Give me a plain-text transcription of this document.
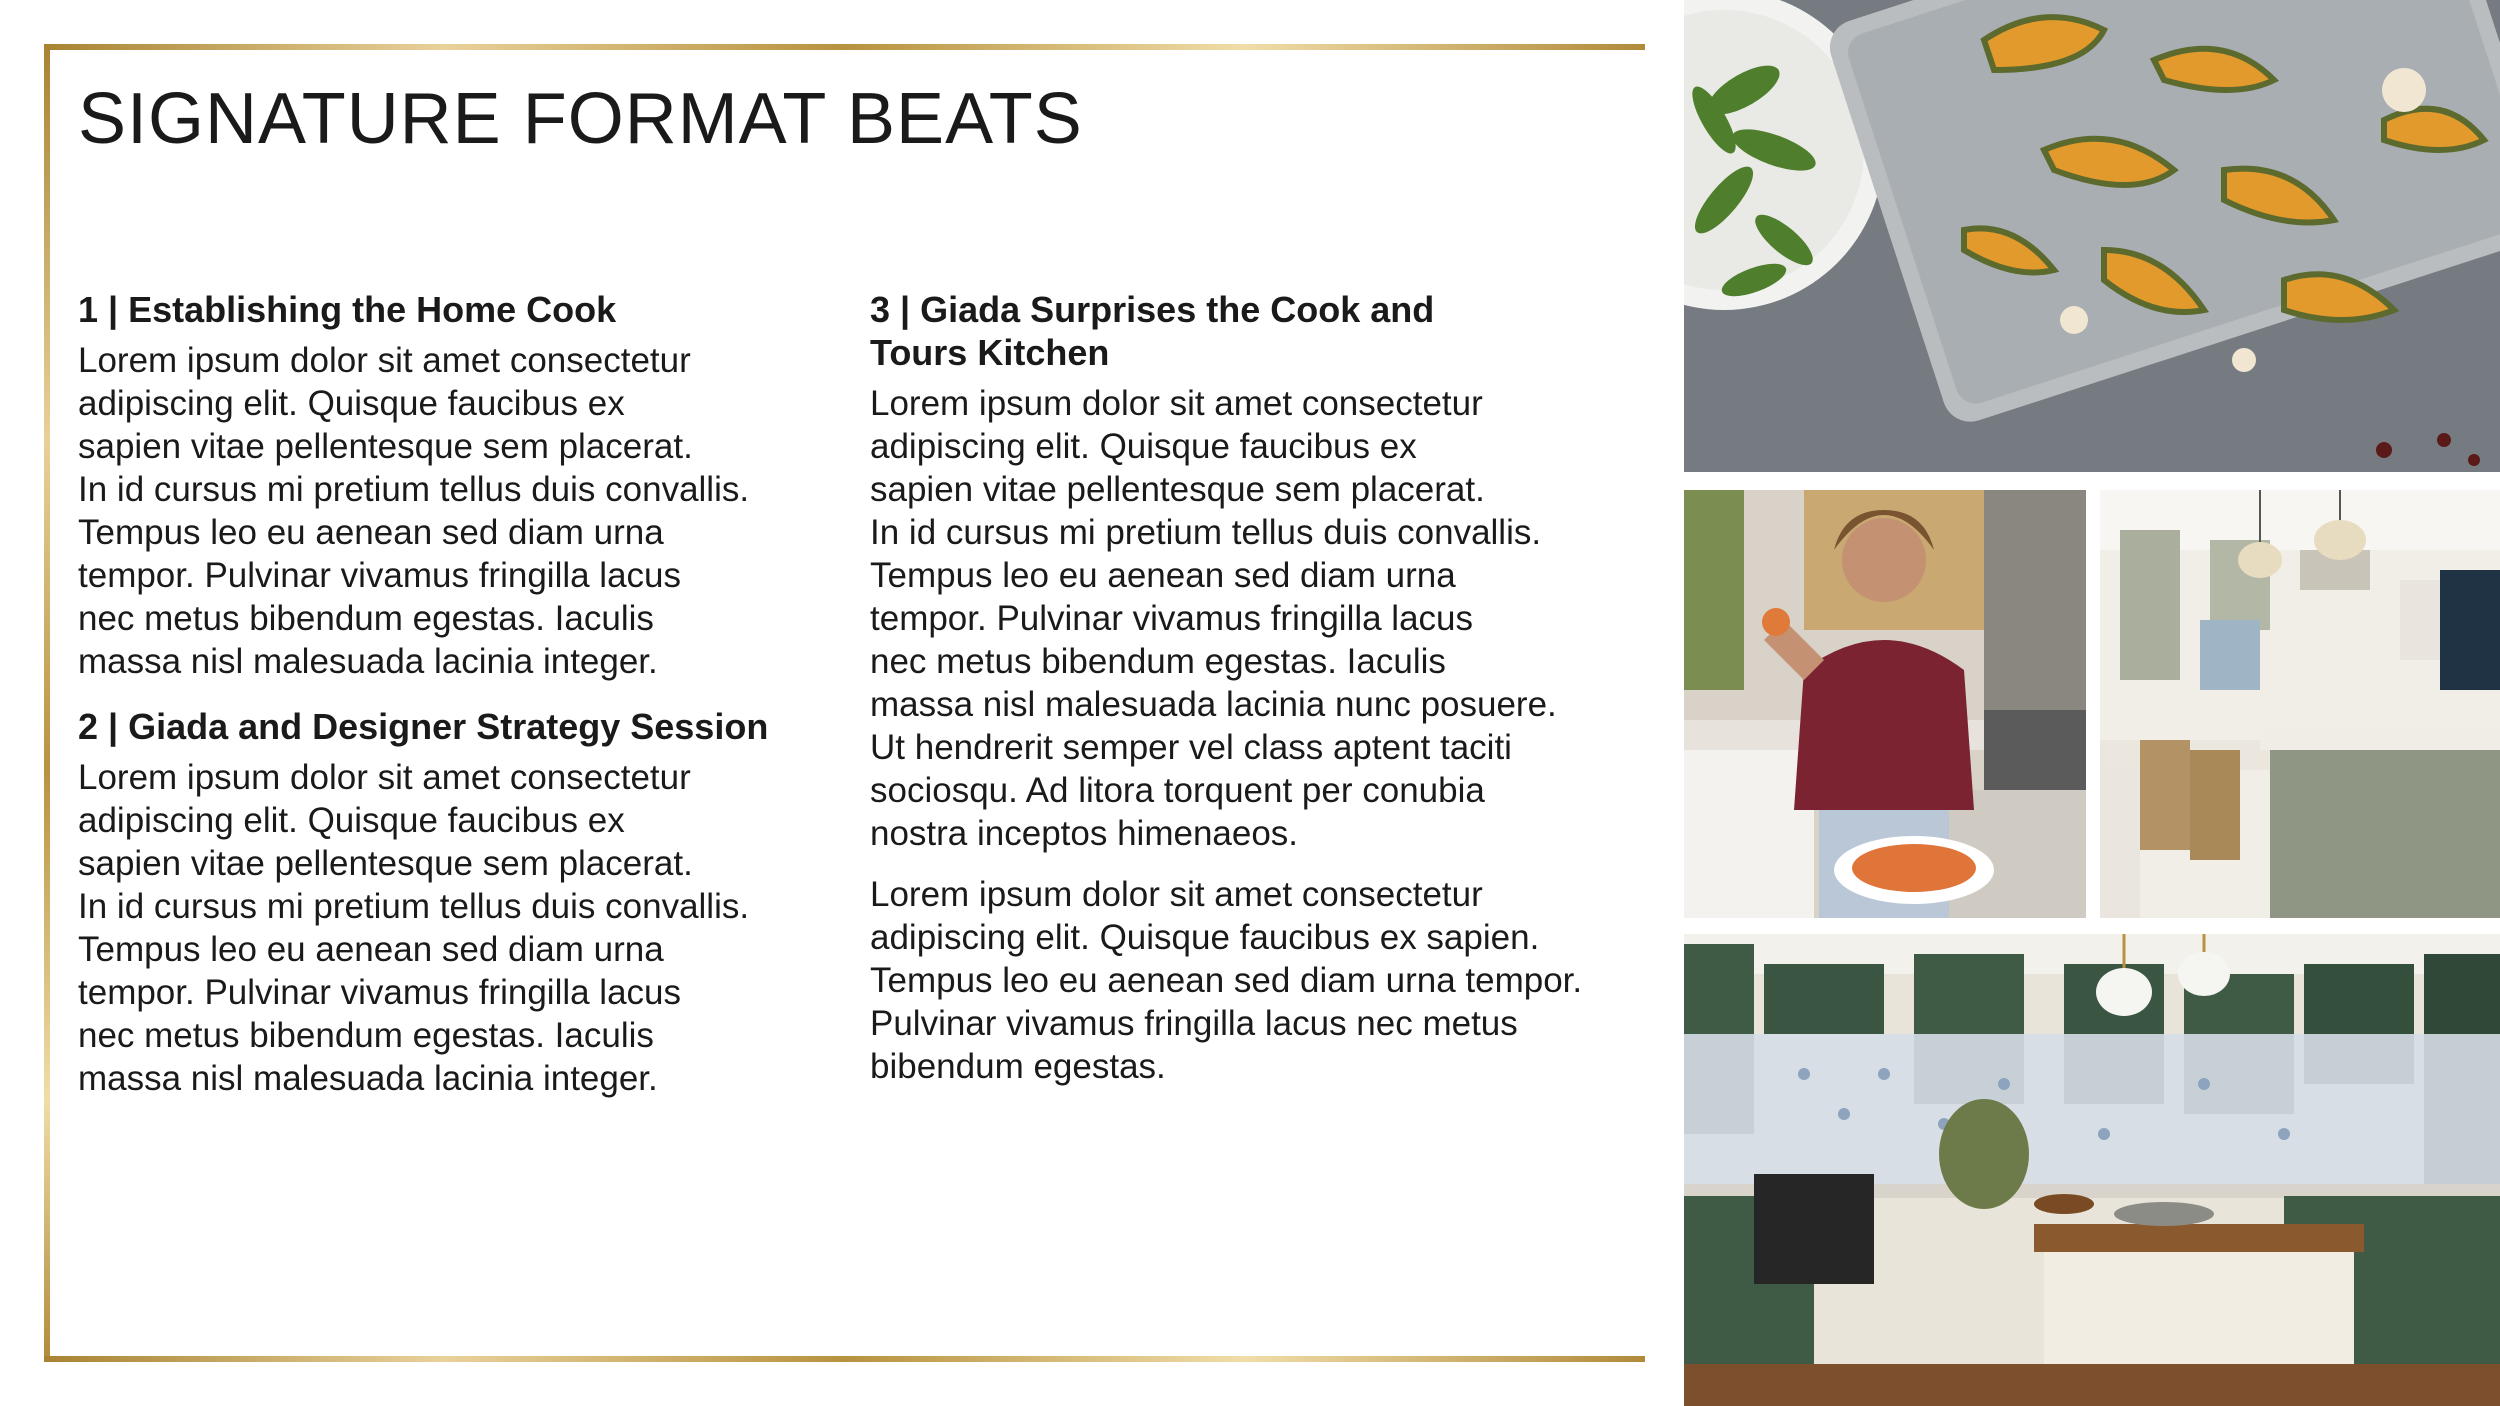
SIGNATURE FORMAT BEATS
1 | Establishing the Home Cook

Lorem ipsum dolor sit amet consectetur
adipiscing elit. Quisque faucibus ex
sapien vitae pellentesque sem placerat.
In id cursus mi pretium tellus duis convallis.
Tempus leo eu aenean sed diam urna
tempor. Pulvinar vivamus fringilla lacus
nec metus bibendum egestas. Iaculis
massa nisl malesuada lacinia integer.

2 | Giada and Designer Strategy Session

Lorem ipsum dolor sit amet consectetur
adipiscing elit. Quisque faucibus ex
sapien vitae pellentesque sem placerat.
In id cursus mi pretium tellus duis convallis.
Tempus leo eu aenean sed diam urna
tempor. Pulvinar vivamus fringilla lacus
nec metus bibendum egestas. Iaculis
massa nisl malesuada lacinia integer.

3 | Giada Surprises the Cook and
Tours Kitchen

Lorem ipsum dolor sit amet consectetur
adipiscing elit. Quisque faucibus ex
sapien vitae pellentesque sem placerat.
In id cursus mi pretium tellus duis convallis.
Tempus leo eu aenean sed diam urna
tempor. Pulvinar vivamus fringilla lacus
nec metus bibendum egestas. Iaculis
massa nisl malesuada lacinia nunc posuere.
Ut hendrerit semper vel class aptent taciti
sociosqu. Ad litora torquent per conubia
nostra inceptos himenaeos.

Lorem ipsum dolor sit amet consectetur
adipiscing elit. Quisque faucibus ex sapien.
Tempus leo eu aenean sed diam urna tempor.
Pulvinar vivamus fringilla lacus nec metus
bibendum egestas.
